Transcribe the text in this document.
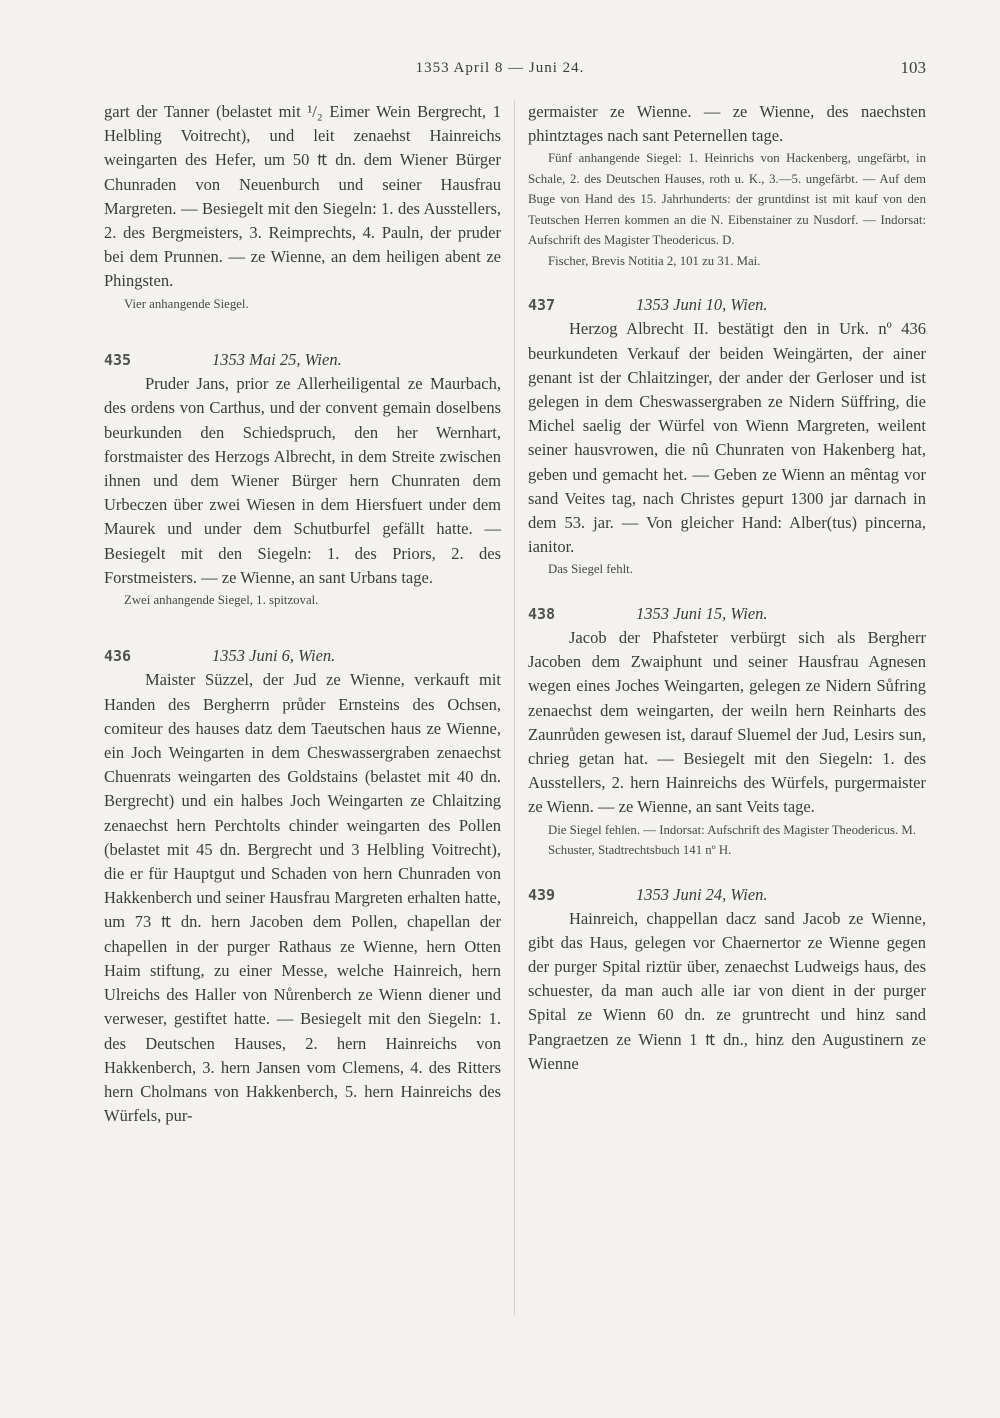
1353 April 8 — Juni 24.	103

gart der Tanner (belastet mit ¹/₂ Eimer Wein Bergrecht, 1 Helbling Voitrecht), und leit zenaehst Hainreichs weingarten des Hefer, um 50 ₶ dn. dem Wiener Bürger Chunraden von Neuenburch und seiner Hausfrau Margreten. — Besiegelt mit den Siegeln: 1. des Ausstellers, 2. des Bergmeisters, 3. Reimprechts, 4. Pauln, der pruder bei dem Prunnen. — ze Wienne, an dem heiligen abent ze Phingsten.

Vier anhangende Siegel.

435	1353 Mai 25, Wien.

Pruder Jans, prior ze Allerheiligental ze Maurbach, des ordens von Carthus, und der convent gemain doselbens beurkunden den Schiedspruch, den her Wernhart, forstmaister des Herzogs Albrecht, in dem Streite zwischen ihnen und dem Wiener Bürger hern Chunraten dem Urbeczen über zwei Wiesen in dem Hiersfuert under dem Maurek und under dem Schutburfel gefällt hatte. — Besiegelt mit den Siegeln: 1. des Priors, 2. des Forstmeisters. — ze Wienne, an sant Urbans tage.

Zwei anhangende Siegel, 1. spitzoval.

436	1353 Juni 6, Wien.

Maister Süzzel, der Jud ze Wienne, verkauft mit Handen des Bergherrn průder Ernsteins des Ochsen, comiteur des hauses datz dem Taeutschen haus ze Wienne, ein Joch Weingarten in dem Cheswassergraben zenaechst Chuenrats weingarten des Goldstains (belastet mit 40 dn. Bergrecht) und ein halbes Joch Weingarten ze Chlaitzing zenaechst hern Perchtolts chinder weingarten des Pollen (belastet mit 45 dn. Bergrecht und 3 Helbling Voitrecht), die er für Hauptgut und Schaden von hern Chunraden von Hakkenberch und seiner Hausfrau Margreten erhalten hatte, um 73 ₶ dn. hern Jacoben dem Pollen, chapellan der chapellen in der purger Rathaus ze Wienne, hern Otten Haim stiftung, zu einer Messe, welche Hainreich, hern Ulreichs des Haller von Nůrenberch ze Wienn diener und verweser, gestiftet hatte. — Besiegelt mit den Siegeln: 1. des Deutschen Hauses, 2. hern Hainreichs von Hakkenberch, 3. hern Jansen vom Clemens, 4. des Ritters hern Cholmans von Hakkenberch, 5. hern Hainreichs des Würfels, pur-

germaister ze Wienne. — ze Wienne, des naechsten phintztages nach sant Peternellen tage.

Fünf anhangende Siegel: 1. Heinrichs von Hackenberg, ungefärbt, in Schale, 2. des Deutschen Hauses, roth u. K., 3.—5. ungefärbt. — Auf dem Buge von Hand des 15. Jahrhunderts: der gruntdinst ist mit kauf von den Teutschen Herren kommen an die N. Eibenstainer zu Nusdorf. — Indorsat: Aufschrift des Magister Theodericus. D.

Fischer, Brevis Notitia 2, 101 zu 31. Mai.

437	1353 Juni 10, Wien.

Herzog Albrecht II. bestätigt den in Urk. nº 436 beurkundeten Verkauf der beiden Weingärten, der ainer genant ist der Chlaitzinger, der ander der Gerloser und ist gelegen in dem Cheswassergraben ze Nidern Süffring, die Michel saelig der Würfel von Wienn Margreten, weilent seiner hausvrowen, die nû Chunraten von Hakenberg hat, geben und gemacht het. — Geben ze Wienn an mêntag vor sand Veites tag, nach Christes gepurt 1300 jar darnach in dem 53. jar. — Von gleicher Hand: Alber(tus) pincerna, ianitor.

Das Siegel fehlt.

438	1353 Juni 15, Wien.

Jacob der Phafsteter verbürgt sich als Bergherr Jacoben dem Zwaiphunt und seiner Hausfrau Agnesen wegen eines Joches Weingarten, gelegen ze Nidern Sůfring zenaechst dem weingarten, der weiln hern Reinharts des Zaunrůden gewesen ist, darauf Sluemel der Jud, Lesirs sun, chrieg getan hat. — Besiegelt mit den Siegeln: 1. des Ausstellers, 2. hern Hainreichs des Würfels, purgermaister ze Wienn. — ze Wienne, an sant Veits tage.

Die Siegel fehlen. — Indorsat: Aufschrift des Magister Theodericus. M.

Schuster, Stadtrechtsbuch 141 nº H.

439	1353 Juni 24, Wien.

Hainreich, chappellan dacz sand Jacob ze Wienne, gibt das Haus, gelegen vor Chaernertor ze Wienne gegen der purger Spital riztür über, zenaechst Ludweigs haus, des schuester, da man auch alle iar von dient in der purger Spital ze Wienn 60 dn. ze gruntrecht und hinz sand Pangraetzen ze Wienn 1 ₶ dn., hinz den Augustinern ze Wienne
